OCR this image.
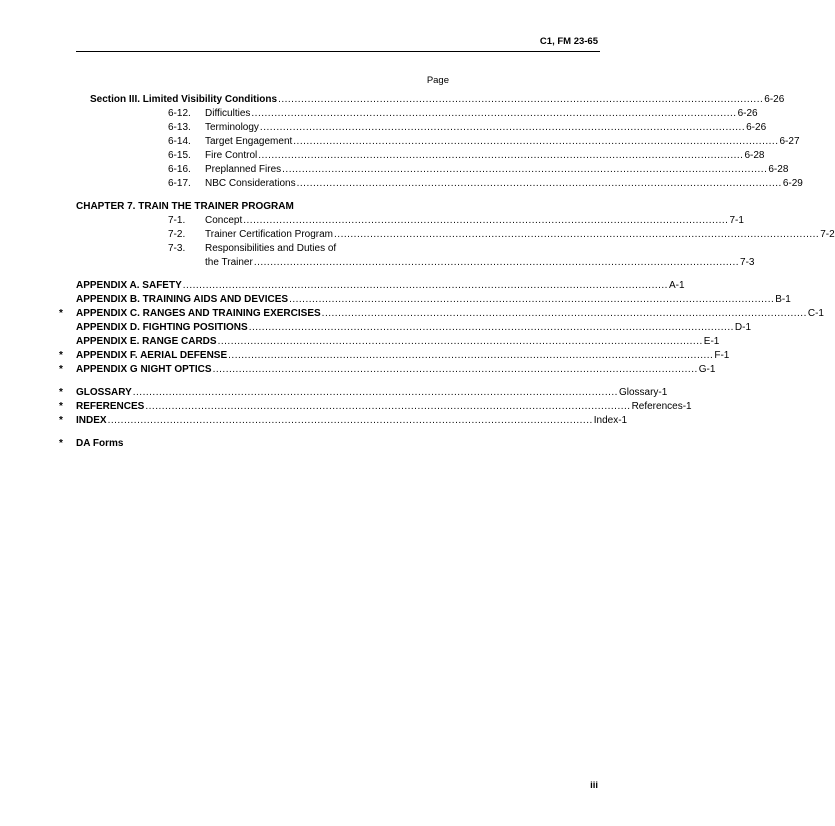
C1, FM 23-65
Page
Section III. Limited Visibility Conditions .................................................................................................................................................... 6-26
6-12. Difficulties .................................................................................................................................................... 6-26
6-13. Terminology .................................................................................................................................................... 6-26
6-14. Target Engagement .................................................................................................................................................... 6-27
6-15. Fire Control .................................................................................................................................................... 6-28
6-16. Preplanned Fires .................................................................................................................................................... 6-28
6-17. NBC Considerations .................................................................................................................................................... 6-29
CHAPTER 7. TRAIN THE TRAINER PROGRAM
7-1. Concept .................................................................................................................................................... 7-1
7-2. Trainer Certification Program .................................................................................................................................................... 7-2
7-3. Responsibilities and Duties of
the Trainer .................................................................................................................................................... 7-3
APPENDIX A. SAFETY .................................................................................................................................................... A-1
APPENDIX B. TRAINING AIDS AND DEVICES .................................................................................................................................................... B-1
* APPENDIX C. RANGES AND TRAINING EXERCISES .................................................................................................................................................... C-1
APPENDIX D. FIGHTING POSITIONS .................................................................................................................................................... D-1
APPENDIX E. RANGE CARDS .................................................................................................................................................... E-1
* APPENDIX F. AERIAL DEFENSE .................................................................................................................................................... F-1
* APPENDIX G NIGHT OPTICS .................................................................................................................................................... G-1
* GLOSSARY .................................................................................................................................................... Glossary-1
* REFERENCES .................................................................................................................................................... References-1
* INDEX .................................................................................................................................................... Index-1
* DA Forms
iii
